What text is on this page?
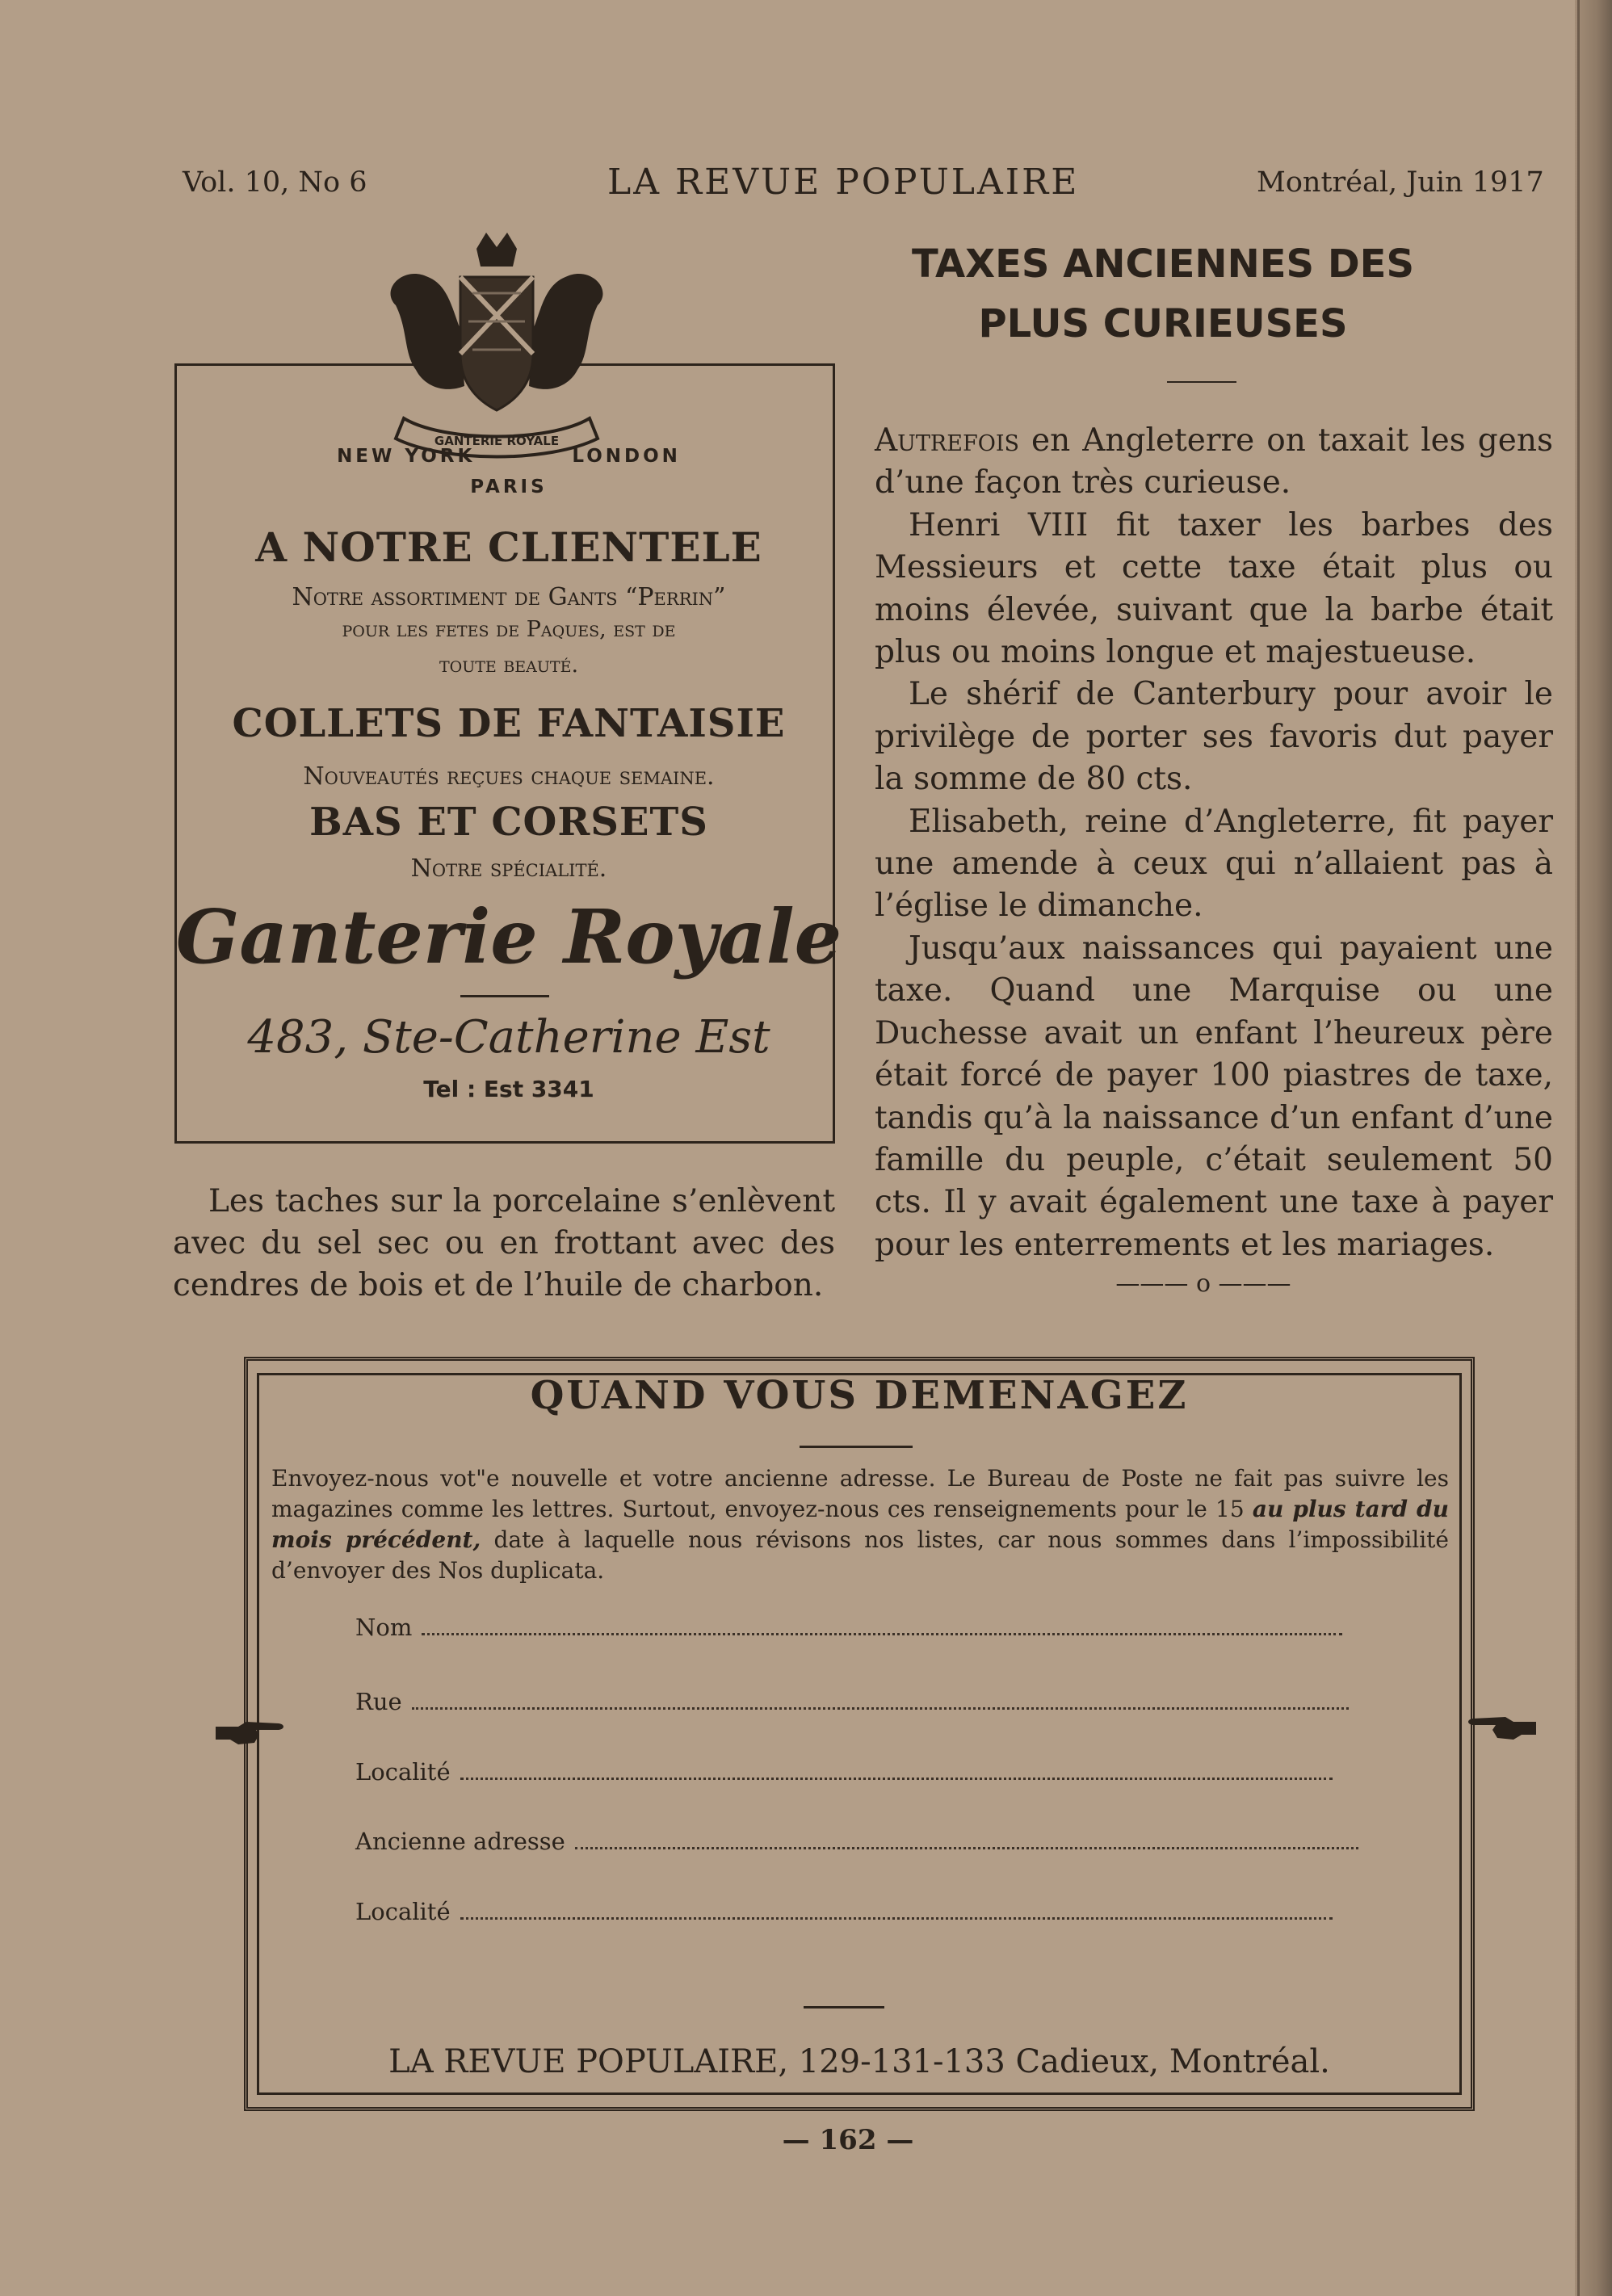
Vol. 10, No 6	LA REVUE POPULAIRE	Montréal, Juin 1917
GANTERIE ROYALE
NEW YORK          LONDON
PARIS
A NOTRE CLIENTELE
Notre assortiment de Gants “Perrin”
pour les fetes de Paques, est de
toute beauté.
COLLETS DE FANTAISIE
Nouveautés reçues chaque semaine.
BAS ET CORSETS
Notre spécialité.
Ganterie Royale
483, Ste-Catherine Est
Tel : Est 3341
Les taches sur la porcelaine s’enlèvent avec du sel sec ou en frottant avec des cendres de bois et de l’huile de charbon.
TAXES ANCIENNES DES PLUS CURIEUSES

Autrefois en Angleterre on taxait les gens d’une façon très curieuse.

Henri VIII fit taxer les barbes des Messieurs et cette taxe était plus ou moins élevée, suivant que la barbe était plus ou moins longue et majestueuse.

Le shérif de Canterbury pour avoir le privilège de porter ses favoris dut payer la somme de 80 cts.

Elisabeth, reine d’Angleterre, fit payer une amende à ceux qui n’allaient pas à l’église le dimanche.

Jusqu’aux naissances qui payaient une taxe. Quand une Marquise ou une Duchesse avait un enfant l’heureux père était forcé de payer 100 piastres de taxe, tandis qu’à la naissance d’un enfant d’une famille du peuple, c’était seulement 50 cts. Il y avait également une taxe à payer pour les enterrements et les mariages.

——— o ———
QUAND VOUS DEMENAGEZ
Envoyez-nous vot"e nouvelle et votre ancienne adresse. Le Bureau de Poste ne fait pas suivre les magazines comme les lettres. Surtout, envoyez-nous ces renseignements pour le 15 au plus tard du mois précédent, date à laquelle nous révisons nos listes, car nous sommes dans l’impossibilité d’envoyer des Nos duplicata.
Nom
Rue
Localité
Ancienne adresse
Localité
LA REVUE POPULAIRE, 129-131-133 Cadieux, Montréal.
— 162 —
